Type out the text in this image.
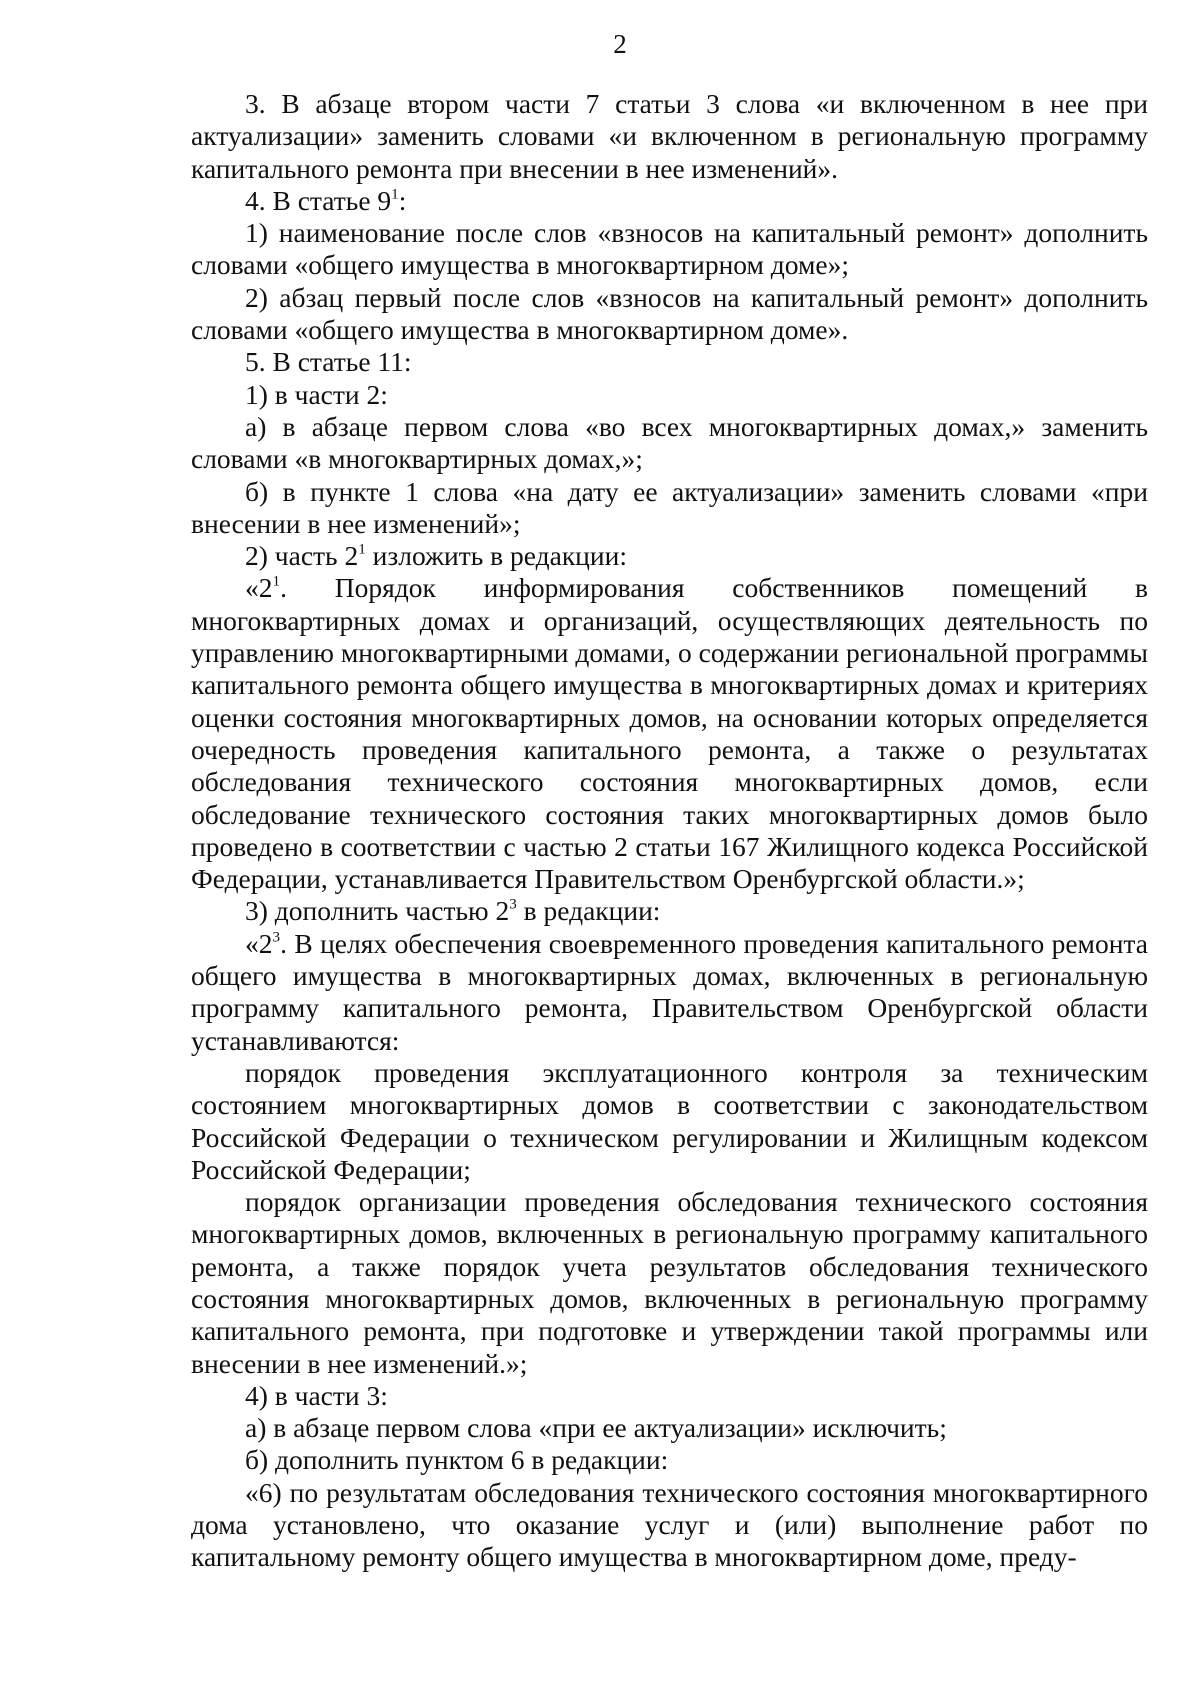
2

3. В абзаце втором части 7 статьи 3 слова «и включенном в нее при актуализации» заменить словами «и включенном в региональную программу капитального ремонта при внесении в нее изменений».

4. В статье $9^1$:

1) наименование после слов «взносов на капитальный ремонт» дополнить словами «общего имущества в многоквартирном доме»;

2) абзац первый после слов «взносов на капитальный ремонт» дополнить словами «общего имущества в многоквартирном доме».

5. В статье 11:

1) в части 2:

а) в абзаце первом слова «во всех многоквартирных домах,» заменить словами «в многоквартирных домах,»;

б) в пункте 1 слова «на дату ее актуализации» заменить словами «при внесении в нее изменений»;

2) часть $2^1$ изложить в редакции:

«$2^1$. Порядок информирования собственников помещений в многоквартирных домах и организаций, осуществляющих деятельность по управлению многоквартирными домами, о содержании региональной программы капитального ремонта общего имущества в многоквартирных домах и критериях оценки состояния многоквартирных домов, на основании которых определяется очередность проведения капитального ремонта, а также о результатах обследования технического состояния многоквартирных домов, если обследование технического состояния таких многоквартирных домов было проведено в соответствии с частью 2 статьи 167 Жилищного кодекса Российской Федерации, устанавливается Правительством Оренбургской области.»;

3) дополнить частью $2^3$ в редакции:

«$2^3$. В целях обеспечения своевременного проведения капитального ремонта общего имущества в многоквартирных домах, включенных в региональную программу капитального ремонта, Правительством Оренбургской области устанавливаются:

порядок проведения эксплуатационного контроля за техническим состоянием многоквартирных домов в соответствии с законодательством Российской Федерации о техническом регулировании и Жилищным кодексом Российской Федерации;

порядок организации проведения обследования технического состояния многоквартирных домов, включенных в региональную программу капитального ремонта, а также порядок учета результатов обследования технического состояния многоквартирных домов, включенных в региональную программу капитального ремонта, при подготовке и утверждении такой программы или внесении в нее изменений.»;

4) в части 3:

а) в абзаце первом слова «при ее актуализации» исключить;

б) дополнить пунктом 6 в редакции:

«6) по результатам обследования технического состояния многоквартирного дома установлено, что оказание услуг и (или) выполнение работ по капитальному ремонту общего имущества в многоквартирном доме, преду-
